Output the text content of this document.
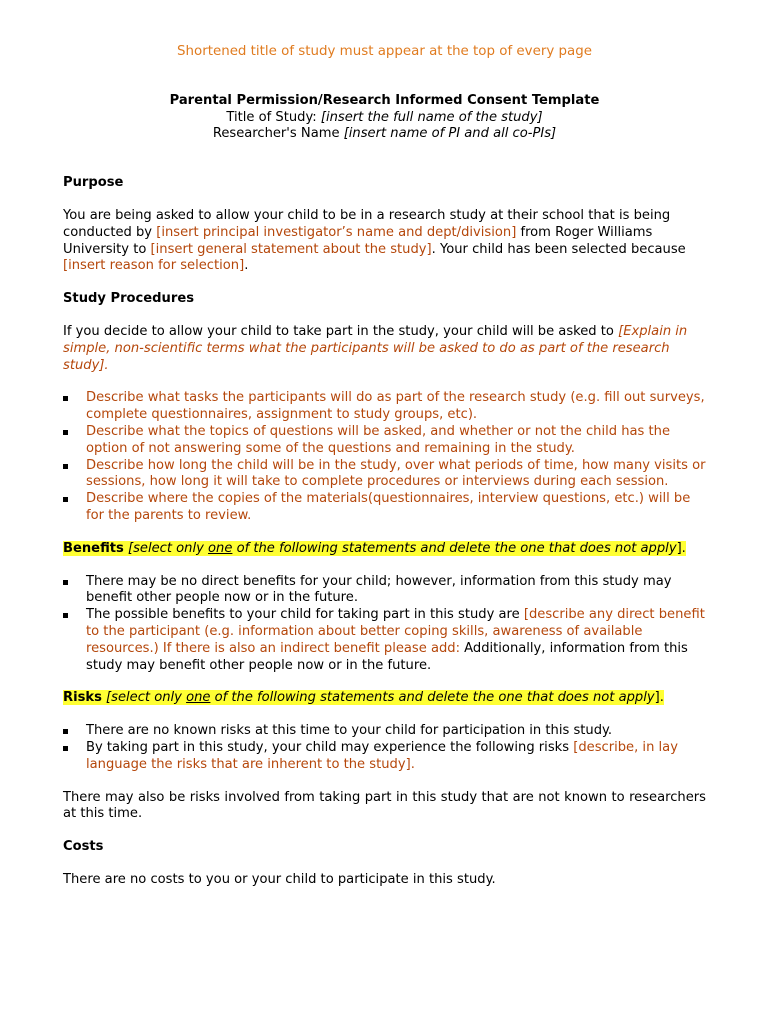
Shortened title of study must appear at the top of every page
Parental Permission/Research Informed Consent Template
Title of Study: [insert the full name of the study]
Researcher's Name [insert name of PI and all co-PIs]
Purpose

You are being asked to allow your child to be in a research study at their school that is being conducted by [insert principal investigator’s name and dept/division] from Roger Williams University to [insert general statement about the study]. Your child has been selected because [insert reason for selection].

Study Procedures

If you decide to allow your child to take part in the study, your child will be asked to [Explain in simple, non-scientific terms what the participants will be asked to do as part of the research study].

Describe what tasks the participants will do as part of the research study (e.g. fill out surveys, complete questionnaires, assignment to study groups, etc).
Describe what the topics of questions will be asked, and whether or not the child has the option of not answering some of the questions and remaining in the study.
Describe how long the child will be in the study, over what periods of time, how many visits or sessions, how long it will take to complete procedures or interviews during each session.
Describe where the copies of the materials(questionnaires, interview questions, etc.) will be for the parents to review.
Benefits [select only one of the following statements and delete the one that does not apply].
There may be no direct benefits for your child; however, information from this study may benefit other people now or in the future.
The possible benefits to your child for taking part in this study are [describe any direct benefit to the participant (e.g. information about better coping skills, awareness of available resources.) If there is also an indirect benefit please add: Additionally, information from this study may benefit other people now or in the future.
Risks [select only one of the following statements and delete the one that does not apply].
There are no known risks at this time to your child for participation in this study.
By taking part in this study, your child may experience the following risks [describe, in lay language the risks that are inherent to the study].

There may also be risks involved from taking part in this study that are not known to researchers at this time.

Costs

There are no costs to you or your child to participate in this study.
